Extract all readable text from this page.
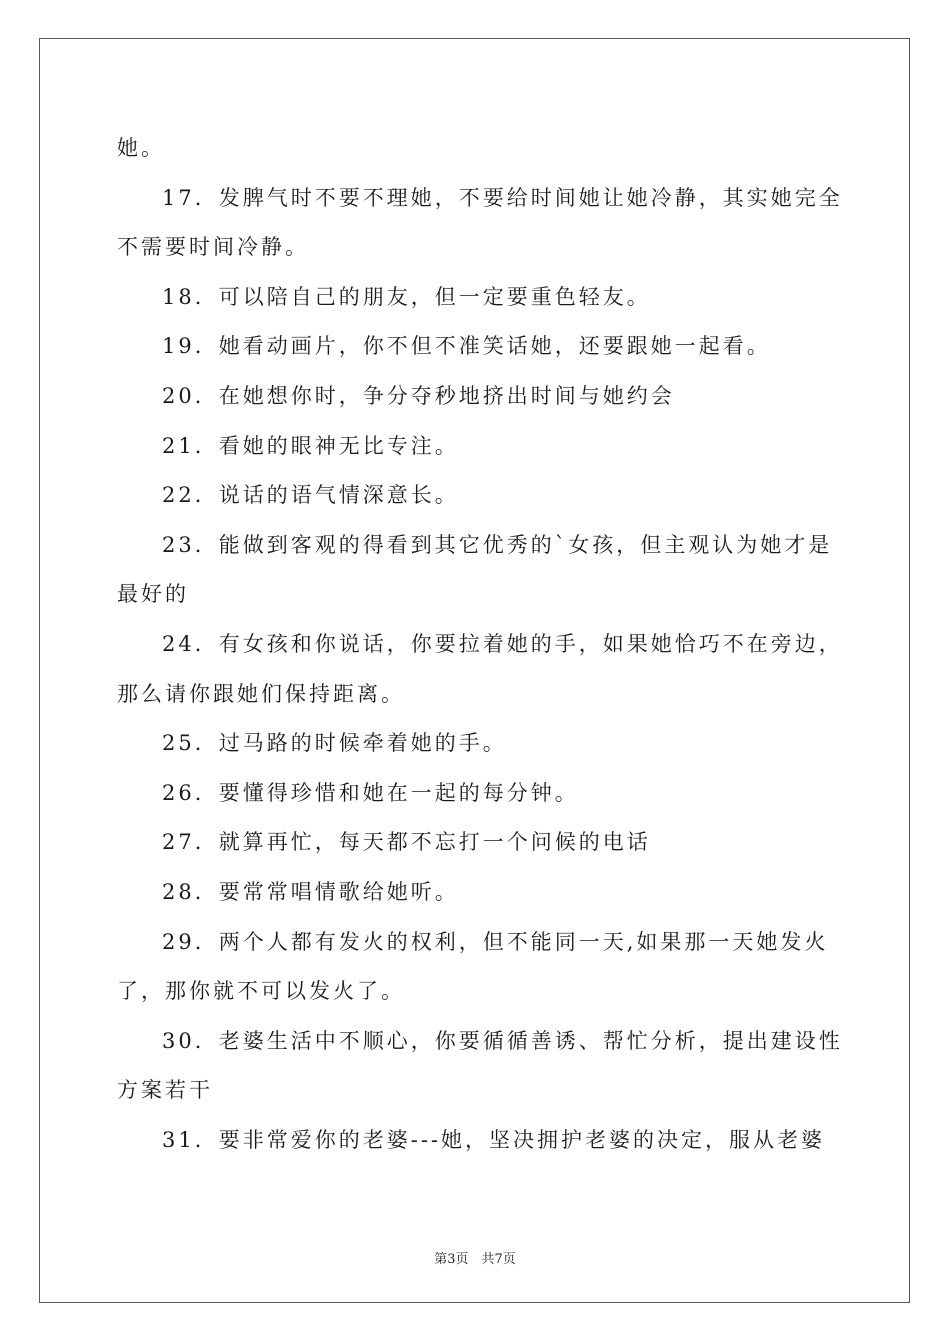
她。
17．发脾气时不要不理她，不要给时间她让她冷静，其实她完全
不需要时间冷静。
18．可以陪自己的朋友，但一定要重色轻友。
19．她看动画片，你不但不准笑话她，还要跟她一起看。
20．在她想你时，争分夺秒地挤出时间与她约会
21．看她的眼神无比专注。
22．说话的语气情深意长。
23．能做到客观的得看到其它优秀的`女孩，但主观认为她才是
最好的
24．有女孩和你说话，你要拉着她的手，如果她恰巧不在旁边，
那么请你跟她们保持距离。
25．过马路的时候牵着她的手。
26．要懂得珍惜和她在一起的每分钟。
27．就算再忙，每天都不忘打一个问候的电话
28．要常常唱情歌给她听。
29．两个人都有发火的权利，但不能同一天,如果那一天她发火
了，那你就不可以发火了。
30．老婆生活中不顺心，你要循循善诱、帮忙分析，提出建设性
方案若干
31．要非常爱你的老婆---她，坚决拥护老婆的决定，服从老婆
第3页　共7页
